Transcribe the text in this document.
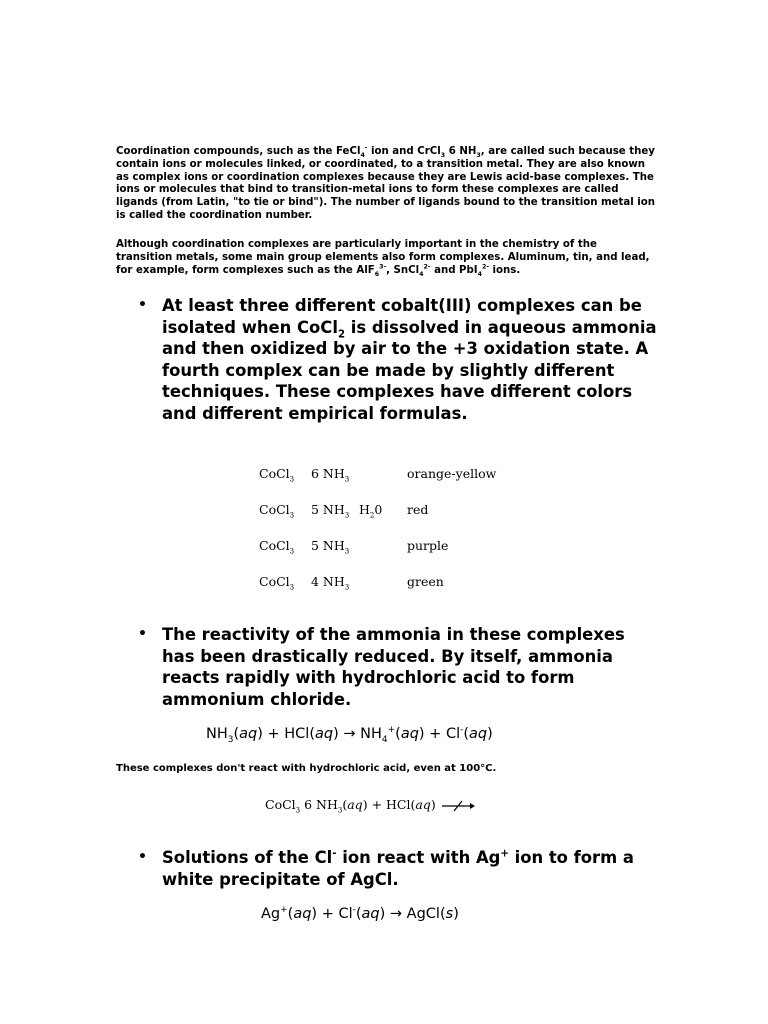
Coordination compounds, such as the FeCl$_4$- ion and CrCl$_3$ 6 $NH_3$, are called such because they contain ions or molecules linked, or coordinated, to a transition metal. They are also known as complex ions or coordination complexes because they are Lewis acid-base complexes. The ions or molecules that bind to transition-metal ions to form these complexes are called ligands (from Latin, "to tie or bind"). The number of ligands bound to the transition metal ion is called the coordination number.
Although coordination complexes are particularly important in the chemistry of the transition metals, some main group elements also form complexes. Aluminum, tin, and lead, for example, form complexes such as the AlF$_6^{3-}$, SnCl$_4^{2-}$ and PbI$_4^{2-}$ ions.
• At least three different cobalt(III) complexes can be isolated when CoCl$_2$ is dissolved in aqueous ammonia and then oxidized by air to the +3 oxidation state. A fourth complex can be made by slightly different techniques. These complexes have different colors and different empirical formulas.
CoCl$_3$ 6 $NH_3$	orange-yellow
CoCl$_3$ 5 $NH_3$ $H_20$ red
CoCl$_3$ 5 $NH_3$	purple
CoCl$_3$ 4 $NH_3$	green
• The reactivity of the ammonia in these complexes has been drastically reduced. By itself, ammonia reacts rapidly with hydrochloric acid to form ammonium chloride.
$NH_3(aq) + HCl(aq) \to NH_4^+(aq) + Cl^-(aq)$
These complexes don't react with hydrochloric acid, even at 100°C.
CoCl$_3$ 6 $NH_3(aq) + HCl(aq)$
• Solutions of the Cl- ion react with Ag+ ion to form a white precipitate of AgCl.
Ag+(aq) + Cl-(aq) → AgCl(s)
